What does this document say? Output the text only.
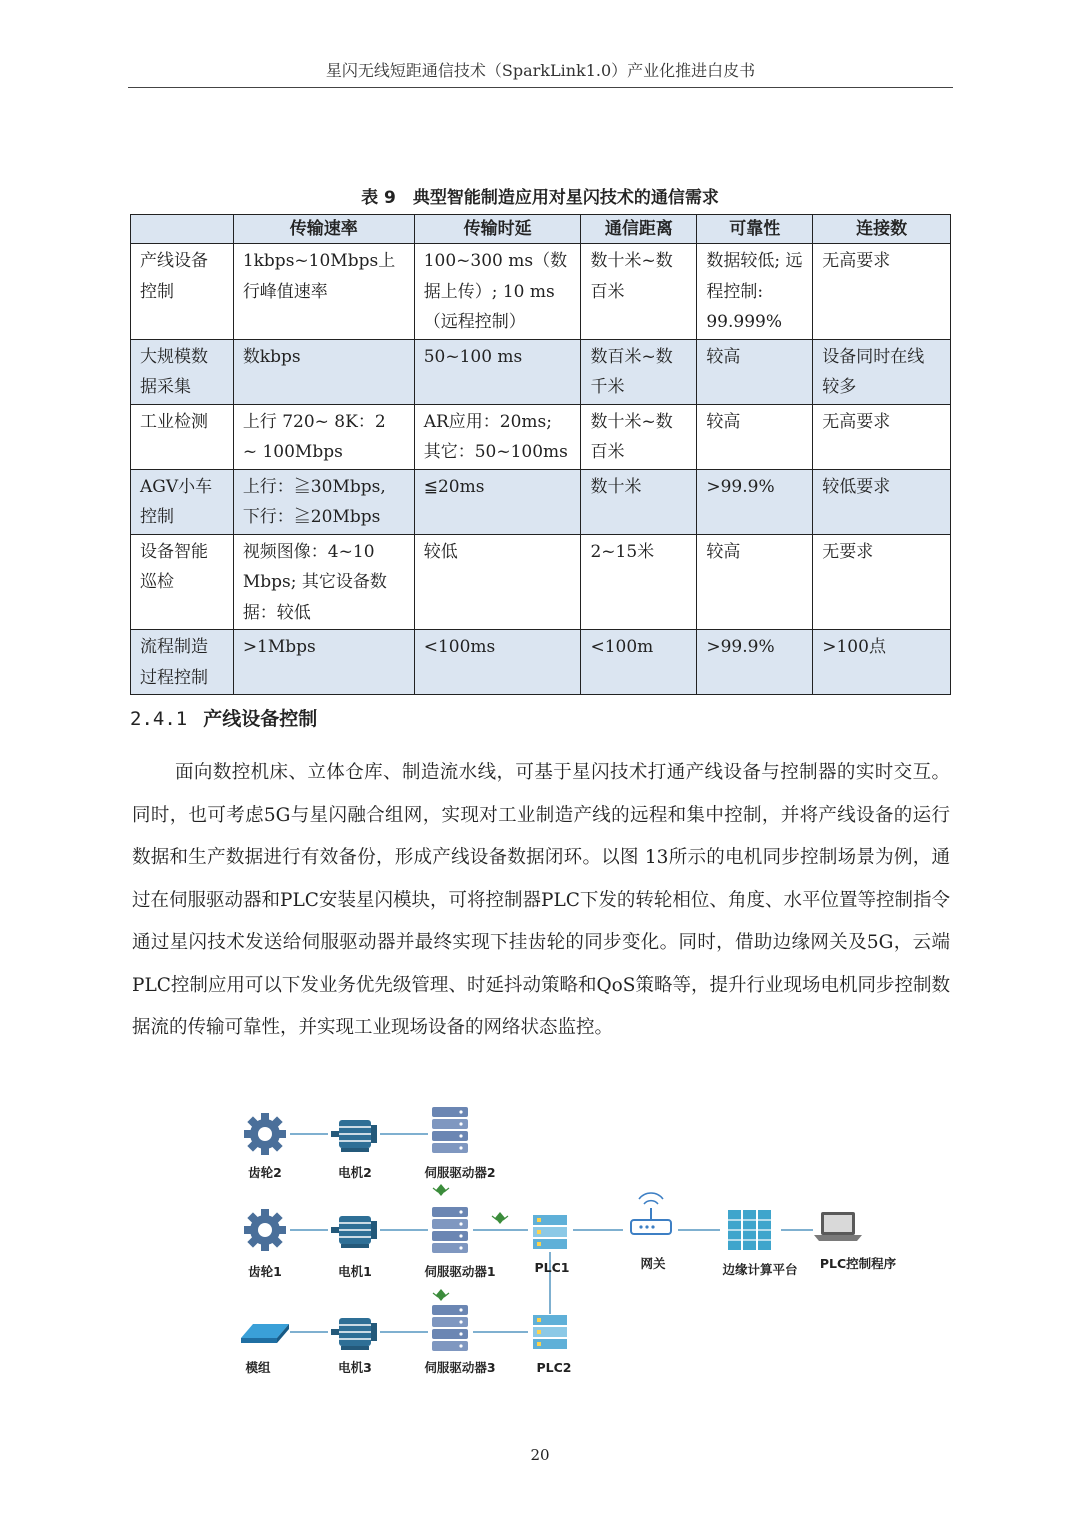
星闪无线短距通信技术（SparkLink1.0）产业化推进白皮书
表 9　典型智能制造应用对星闪技术的通信需求
	传输速率	传输时延	通信距离	可靠性	连接数
产线设备控制	1kbps~10Mbps上行峰值速率	100~300 ms（数据上传）; 10 ms（远程控制）	数十米~数百米	数据较低; 远程控制: 99.999%	无高要求
大规模数据采集	数kbps	50~100 ms	数百米~数千米	较高	设备同时在线较多
工业检测	上行 720~ 8K：2 ~ 100Mbps	AR应用：20ms; 其它：50~100ms	数十米~数百米	较高	无高要求
AGV小车控制	上行：≧30Mbps, 下行：≧20Mbps	≦20ms	数十米	>99.9%	较低要求
设备智能巡检	视频图像：4~10 Mbps; 其它设备数据：较低	较低	2~15米	较高	无要求
流程制造过程控制	>1Mbps	<100ms	<100m	>99.9%	>100点
2.4.1 产线设备控制
面向数控机床、立体仓库、制造流水线，可基于星闪技术打通产线设备与控制器的实时交互。同时，也可考虑5G与星闪融合组网，实现对工业制造产线的远程和集中控制，并将产线设备的运行数据和生产数据进行有效备份，形成产线设备数据闭环。以图 13所示的电机同步控制场景为例，通过在伺服驱动器和PLC安装星闪模块，可将控制器PLC下发的转轮相位、角度、水平位置等控制指令通过星闪技术发送给伺服驱动器并最终实现下挂齿轮的同步变化。同时，借助边缘网关及5G，云端PLC控制应用可以下发业务优先级管理、时延抖动策略和QoS策略等，提升行业现场电机同步控制数据流的传输可靠性，并实现工业现场设备的网络状态监控。
齿轮2	电机2	伺服驱动器2
齿轮1	电机1	伺服驱动器1	PLC1	网关	边缘计算平台 PLC控制程序
模组	电机3	伺服驱动器3	PLC2
20
